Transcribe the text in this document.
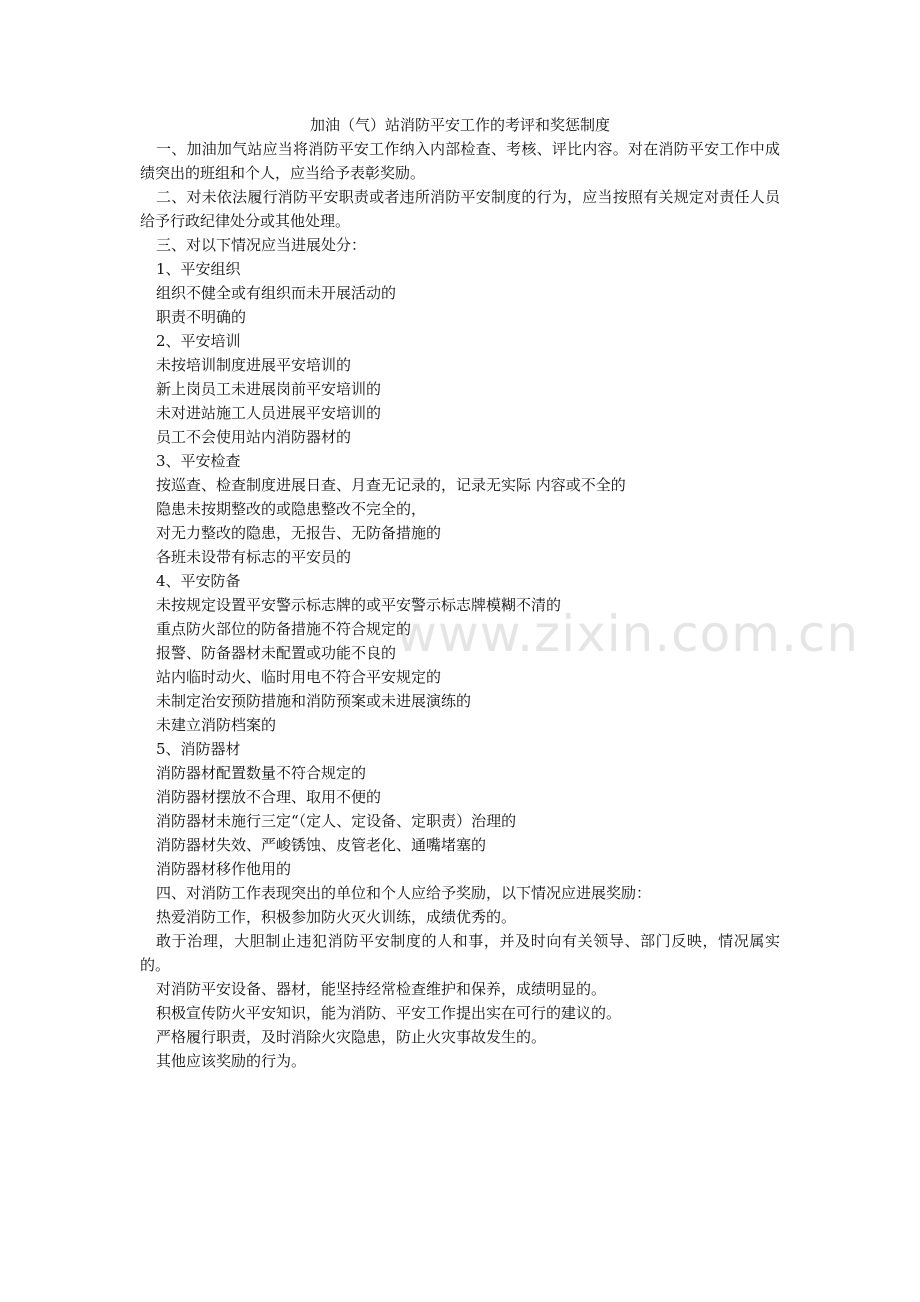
加油（气）站消防平安工作的考评和奖惩制度

一、加油加气站应当将消防平安工作纳入内部检查、考核、评比内容。对在消防平安工作中成绩突出的班组和个人，应当给予表彰奖励。

二、对未依法履行消防平安职责或者违所消防平安制度的行为，应当按照有关规定对责任人员给予行政纪律处分或其他处理。

三、对以下情况应当进展处分：

1、平安组织

组织不健全或有组织而未开展活动的

职责不明确的

2、平安培训

未按培训制度进展平安培训的

新上岗员工未进展岗前平安培训的

未对进站施工人员进展平安培训的

员工不会使用站内消防器材的

3、平安检查

按巡查、检查制度进展日查、月查无记录的，记录无实际 内容或不全的

隐患未按期整改的或隐患整改不完全的，

对无力整改的隐患，无报告、无防备措施的

各班未设带有标志的平安员的

4、平安防备

未按规定设置平安警示标志牌的或平安警示标志牌模糊不清的

重点防火部位的防备措施不符合规定的

报警、防备器材未配置或功能不良的

站内临时动火、临时用电不符合平安规定的

未制定治安预防措施和消防预案或未进展演练的

未建立消防档案的

5、消防器材

消防器材配置数量不符合规定的

消防器材摆放不合理、取用不便的

消防器材未施行三定“（定人、定设备、定职责）治理的

消防器材失效、严峻锈蚀、皮管老化、通嘴堵塞的

消防器材移作他用的

四、对消防工作表现突出的单位和个人应给予奖励，以下情况应进展奖励：

热爱消防工作，积极参加防火灭火训练，成绩优秀的。

敢于治理，大胆制止违犯消防平安制度的人和事，并及时向有关领导、部门反映，情况属实的。

对消防平安设备、器材，能坚持经常检查维护和保养，成绩明显的。

积极宣传防火平安知识，能为消防、平安工作提出实在可行的建议的。

严格履行职责，及时消除火灾隐患，防止火灾事故发生的。

其他应该奖励的行为。

www.zixin.com.cn
